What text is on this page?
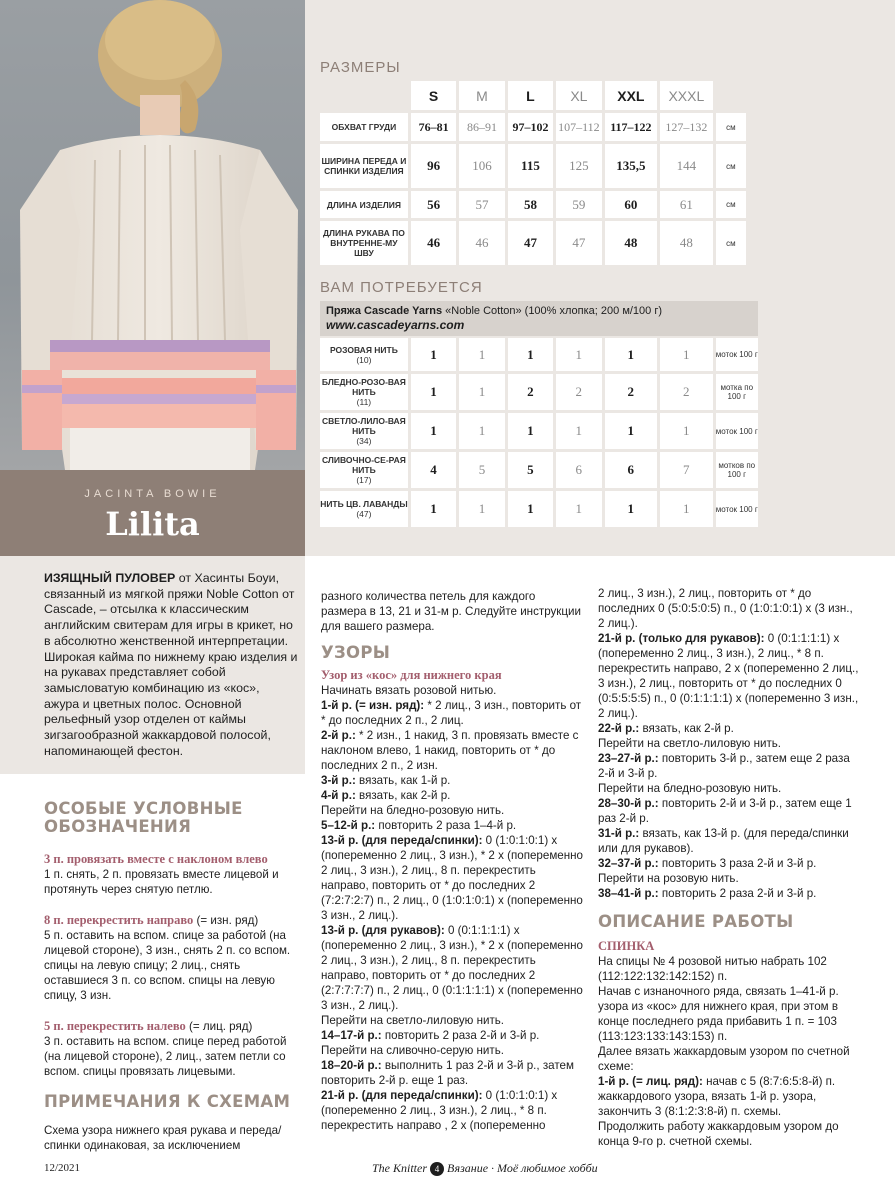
JACINTA BOWIE
Lilita
РАЗМЕРЫ
	S	M	L	XL	XXL	XXXL	
ОБХВАТ ГРУДИ	76–81	86–91	97–102	107–112	117–122	127–132	см
ШИРИНА ПЕРЕДА И СПИНКИ ИЗДЕЛИЯ	96	106	115	125	135,5	144	см
ДЛИНА ИЗДЕЛИЯ	56	57	58	59	60	61	см
ДЛИНА РУКАВА ПО ВНУТРЕННЕ-МУ ШВУ	46	46	47	47	48	48	см
ВАМ ПОТРЕБУЕТСЯ
Пряжа Cascade Yarns «Noble Cotton» (100% хлопка; 200 м/100 г)
www.cascadeyarns.com
РОЗОВАЯ НИТЬ
(10)	1	1	1	1	1	1	моток 100 г
БЛЕДНО-РОЗО-ВАЯ НИТЬ
(11)	1	1	2	2	2	2	мотка по 100 г
СВЕТЛО-ЛИЛО-ВАЯ НИТЬ
(34)	1	1	1	1	1	1	моток 100 г
СЛИВОЧНО-СЕ-РАЯ НИТЬ
(17)	4	5	5	6	6	7	мотков по 100 г
НИТЬ ЦВ. ЛАВАНДЫ
(47)	1	1	1	1	1	1	моток 100 г
ИЗЯЩНЫЙ ПУЛОВЕР от Хасинты Боуи, связанный из мягкой пряжи Noble Cotton от Cascade, – отсылка к классическим английским свитерам для игры в крикет, но в абсолютно женственной интерпретации. Широкая кайма по нижнему краю изделия и на рукавах представляет собой замысловатую комбинацию из «кос», ажура и цветных полос. Основной рельефный узор отделен от каймы зигзагообразной жаккардовой полосой, напоминающей фестон.
ОСОБЫЕ УСЛОВНЫЕ ОБОЗНАЧЕНИЯ
3 п. провязать вместе с наклоном влево

1 п. снять, 2 п. провязать вместе лицевой и протянуть через снятую петлю.

8 п. перекрестить направо (= изн. ряд)

5 п. оставить на вспом. спице за работой (на лицевой стороне), 3 изн., снять 2 п. со вспом. спицы на левую спицу; 2 лиц., снять оставшиеся 3 п. со вспом. спицы на левую спицу, 3 изн.

5 п. перекрестить налево (= лиц. ряд)

3 п. оставить на вспом. спице перед работой (на лицевой стороне), 2 лиц., затем петли со вспом. спицы провязать лицевыми.

ПРИМЕЧАНИЯ К СХЕМАМ

Схема узора нижнего края рукава и переда/спинки одинаковая, за исключением

разного количества петель для каждого размера в 13, 21 и 31-м р. Следуйте инструкции для вашего размера.

УЗОРЫ
Узор из «кос» для нижнего края

Начинать вязать розовой нитью.

1-й р. (= изн. ряд): * 2 лиц., 3 изн., повторить от * до последних 2 п., 2 лиц.

2-й р.: * 2 изн., 1 накид, 3 п. провязать вместе с наклоном влево, 1 накид, повторить от * до последних 2 п., 2 изн.

3-й р.: вязать, как 1-й р.

4-й р.: вязать, как 2-й р.

Перейти на бледно-розовую нить.

5–12-й р.: повторить 2 раза 1–4-й р.

13-й р. (для переда/спинки): 0 (1:0:1:0:1) x (попеременно 2 лиц., 3 изн.), * 2 x (попеременно 2 лиц., 3 изн.), 2 лиц., 8 п. перекрестить направо, повторить от * до последних 2 (7:2:7:2:7) п., 2 лиц., 0 (1:0:1:0:1) x (попеременно 3 изн., 2 лиц.).

13-й р. (для рукавов): 0 (0:1:1:1:1) x (попеременно 2 лиц., 3 изн.), * 2 x (попеременно 2 лиц., 3 изн.), 2 лиц., 8 п. перекрестить направо, повторить от * до последних 2 (2:7:7:7:7) п., 2 лиц., 0 (0:1:1:1:1) x (попеременно 3 изн., 2 лиц.).

Перейти на светло-лиловую нить.

14–17-й р.: повторить 2 раза 2-й и 3-й р.

Перейти на сливочно-серую нить.

18–20-й р.: выполнить 1 раз 2-й и 3-й р., затем повторить 2-й р. еще 1 раз.

21-й р. (для переда/спинки): 0 (1:0:1:0:1) x (попеременно 2 лиц., 3 изн.), 2 лиц., * 8 п. перекрестить направо , 2 x (попеременно

2 лиц., 3 изн.), 2 лиц., повторить от * до последних 0 (5:0:5:0:5) п., 0 (1:0:1:0:1) x (3 изн., 2 лиц.).

21-й р. (только для рукавов): 0 (0:1:1:1:1) x (попеременно 2 лиц., 3 изн.), 2 лиц., * 8 п. перекрестить направо, 2 x (попеременно 2 лиц., 3 изн.), 2 лиц., повторить от * до последних 0 (0:5:5:5:5) п., 0 (0:1:1:1:1) x (попеременно 3 изн., 2 лиц.).

22-й р.: вязать, как 2-й р.

Перейти на светло-лиловую нить.

23–27-й р.: повторить 3-й р., затем еще 2 раза 2-й и 3-й р.

Перейти на бледно-розовую нить.

28–30-й р.: повторить 2-й и 3-й р., затем еще 1 раз 2-й р.

31-й р.: вязать, как 13-й р. (для переда/спинки или для рукавов).

32–37-й р.: повторить 3 раза 2-й и 3-й р.

Перейти на розовую нить.

38–41-й р.: повторить 2 раза 2-й и 3-й р.

ОПИСАНИЕ РАБОТЫ
СПИНКА

На спицы № 4 розовой нитью набрать 102 (112:122:132:142:152) п.

Начав с изнаночного ряда, связать 1–41-й р. узора из «кос» для нижнего края, при этом в конце последнего ряда прибавить 1 п. = 103 (113:123:133:143:153) п.

Далее вязать жаккардовым узором по счетной схеме:

1-й р. (= лиц. ряд): начав с 5 (8:7:6:5:8-й) п. жаккардового узора, вязать 1-й р. узора, закончить 3 (8:1:2:3:8-й) п. схемы.

Продолжить работу жаккардовым узором до конца 9-го р. счетной схемы.

12/2021	The Knitter 4 Вязание · Моё любимое хобби
